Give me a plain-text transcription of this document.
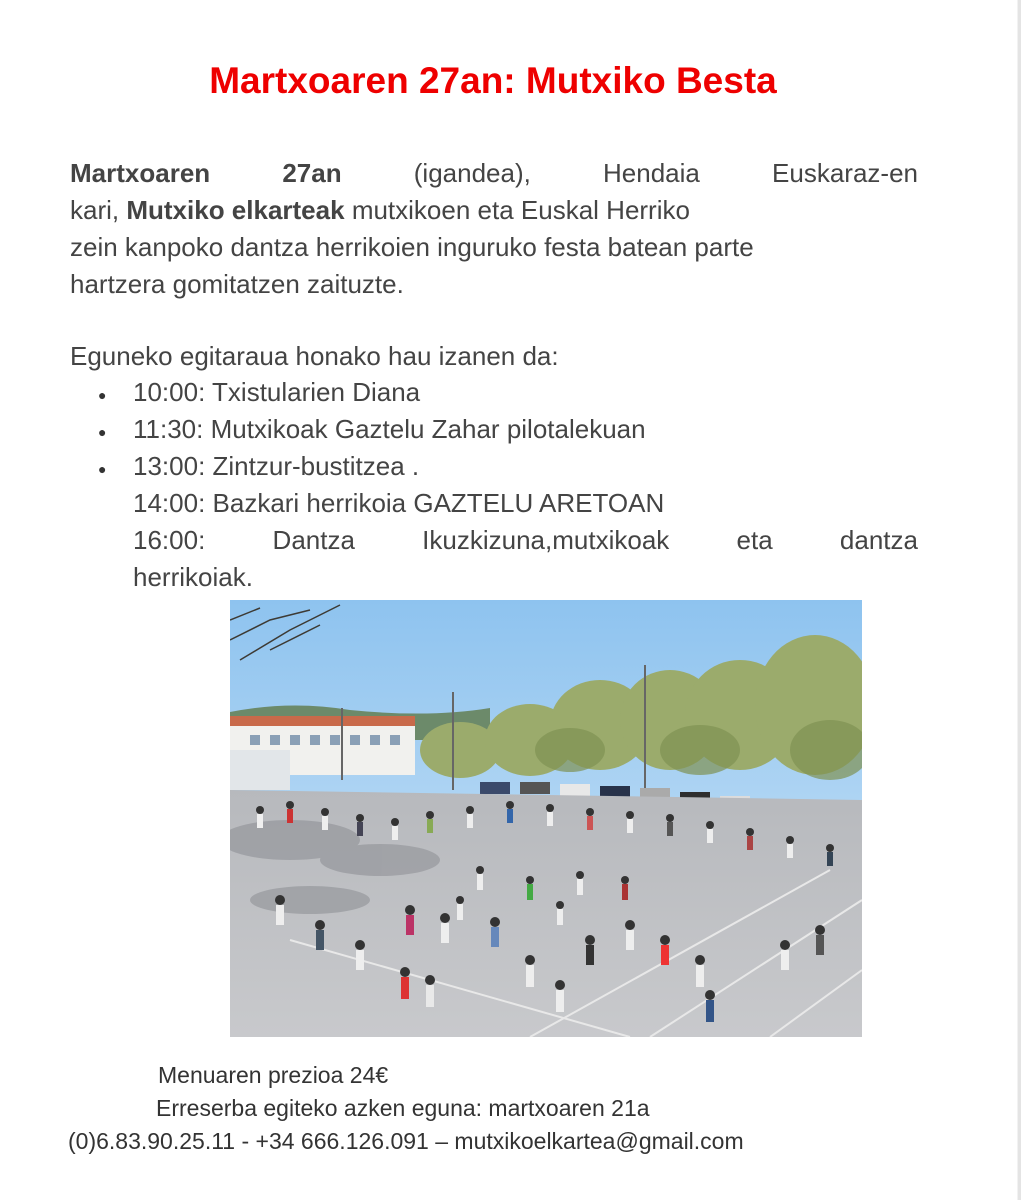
Martxoaren 27an: Mutxiko Besta
Martxoaren	27an	(igandea),	Hendaia	Euskaraz-en
kari, Mutxiko elkarteak mutxikoen eta Euskal Herriko
zein kanpoko dantza herrikoien inguruko festa batean parte
hartzera gomitatzen zaituzte.
Eguneko egitaraua honako hau izanen da:
● 10:00: Txistularien Diana
● 11:30: Mutxikoak Gaztelu Zahar pilotalekuan
● 13:00: Zintzur-bustitzea .
14:00: Bazkari herrikoia GAZTELU ARETOAN
16:00: Dantza Ikuzkizuna,mutxikoak eta dantza
herrikoiak.
Menuaren prezioa 24€
Erreserba egiteko azken eguna: martxoaren 21a
(0)6.83.90.25.11 - +34 666.126.091 – mutxikoelkartea@gmail.com
